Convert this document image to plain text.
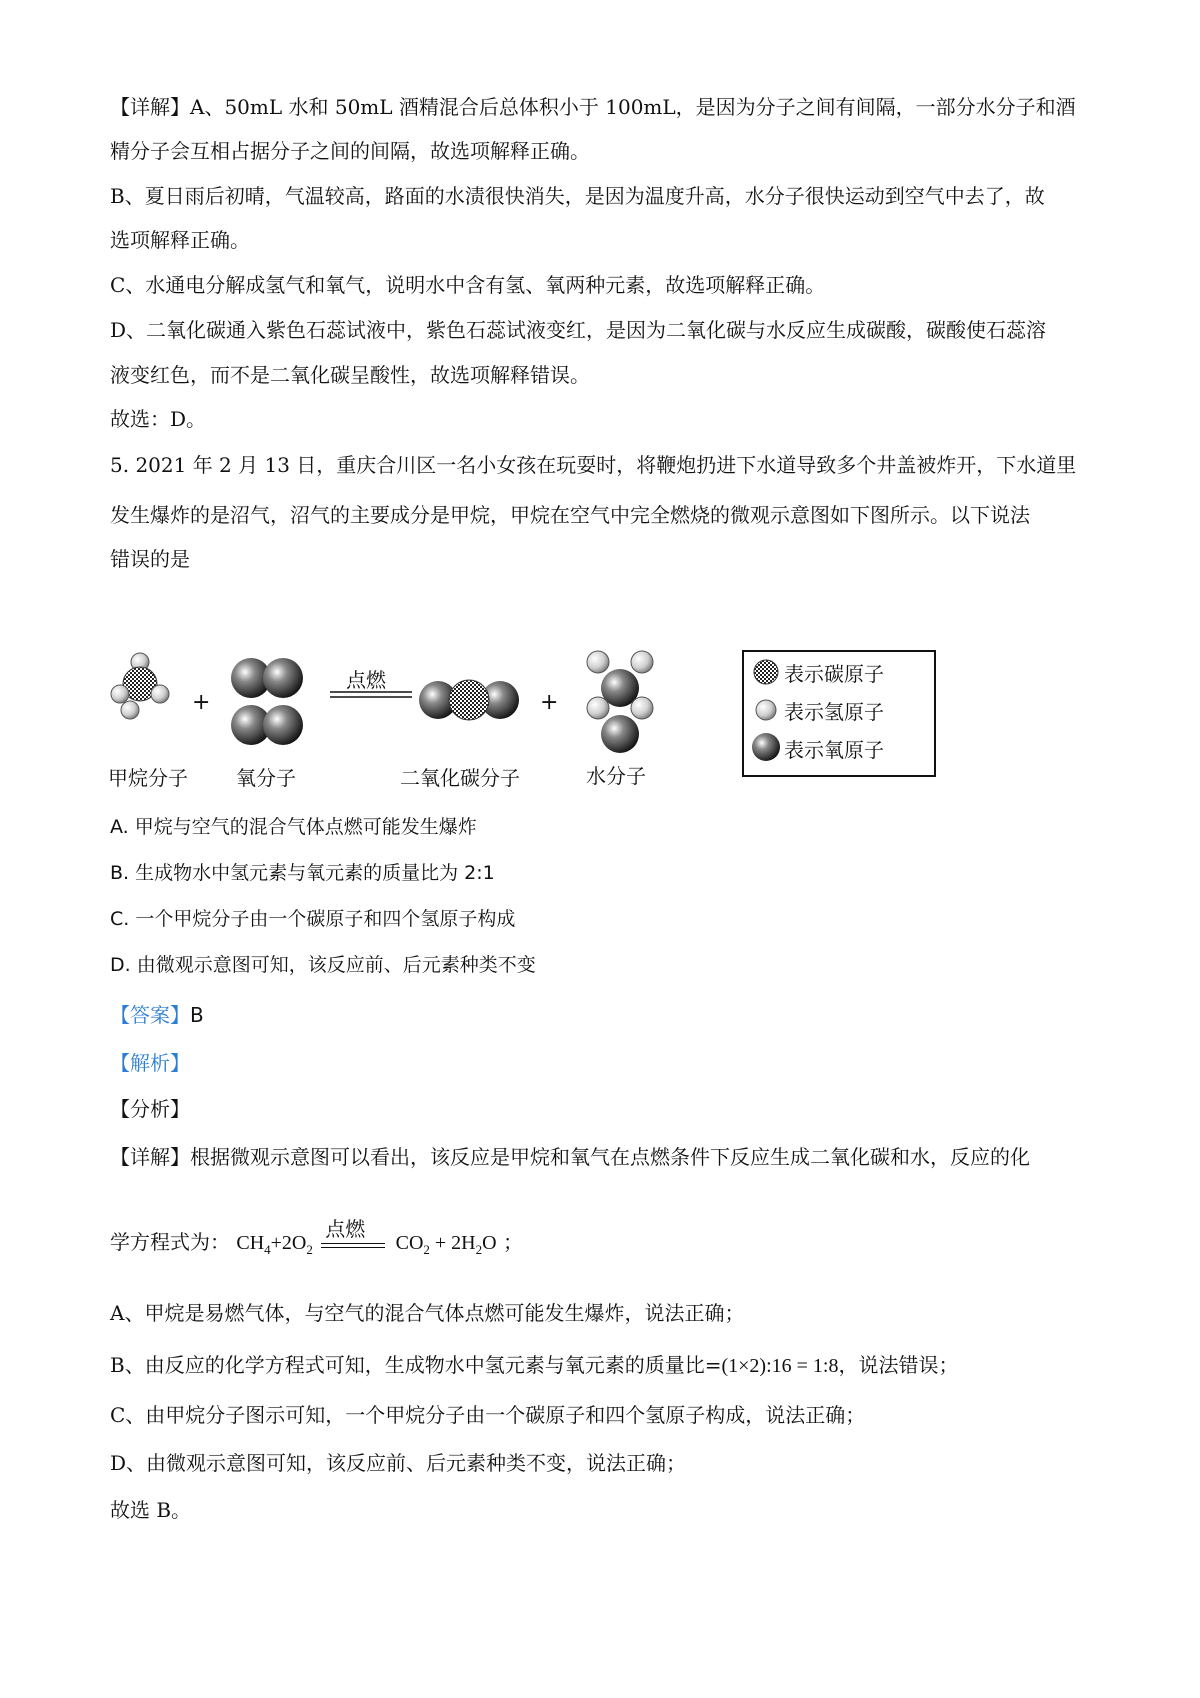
【详解】A、50mL 水和 50mL 酒精混合后总体积小于 100mL，是因为分子之间有间隔，一部分水分子和酒
精分子会互相占据分子之间的间隔，故选项解释正确。
B、夏日雨后初晴，气温较高，路面的水渍很快消失，是因为温度升高，水分子很快运动到空气中去了，故
选项解释正确。
C、水通电分解成氢气和氧气，说明水中含有氢、氧两种元素，故选项解释正确。
D、二氧化碳通入紫色石蕊试液中，紫色石蕊试液变红，是因为二氧化碳与水反应生成碳酸，碳酸使石蕊溶
液变红色，而不是二氧化碳呈酸性，故选项解释错误。
故选：D。
5. 2021 年 2 月 13 日，重庆合川区一名小女孩在玩耍时，将鞭炮扔进下水道导致多个井盖被炸开，下水道里
发生爆炸的是沼气，沼气的主要成分是甲烷，甲烷在空气中完全燃烧的微观示意图如下图所示。以下说法
错误的是
+	+
点燃
甲烷分子 氧分子	二氧化碳分子	水分子
表示碳原子
表示氢原子
表示氧原子
A. 甲烷与空气的混合气体点燃可能发生爆炸
B. 生成物水中氢元素与氧元素的质量比为 2:1
C. 一个甲烷分子由一个碳原子和四个氢原子构成
D. 由微观示意图可知，该反应前、后元素种类不变
【答案】B
【解析】
【分析】
【详解】根据微观示意图可以看出，该反应是甲烷和氧气在点燃条件下反应生成二氧化碳和水，反应的化
学方程式为： $CH_4+2O_2$
点燃
$CO_2 + 2H_2O$ ；
A、甲烷是易燃气体，与空气的混合气体点燃可能发生爆炸，说法正确；
B、由反应的化学方程式可知，生成物水中氢元素与氧元素的质量比=(1×2):16 = 1:8，说法错误；
C、由甲烷分子图示可知，一个甲烷分子由一个碳原子和四个氢原子构成，说法正确；
D、由微观示意图可知，该反应前、后元素种类不变，说法正确；
故选 B。
